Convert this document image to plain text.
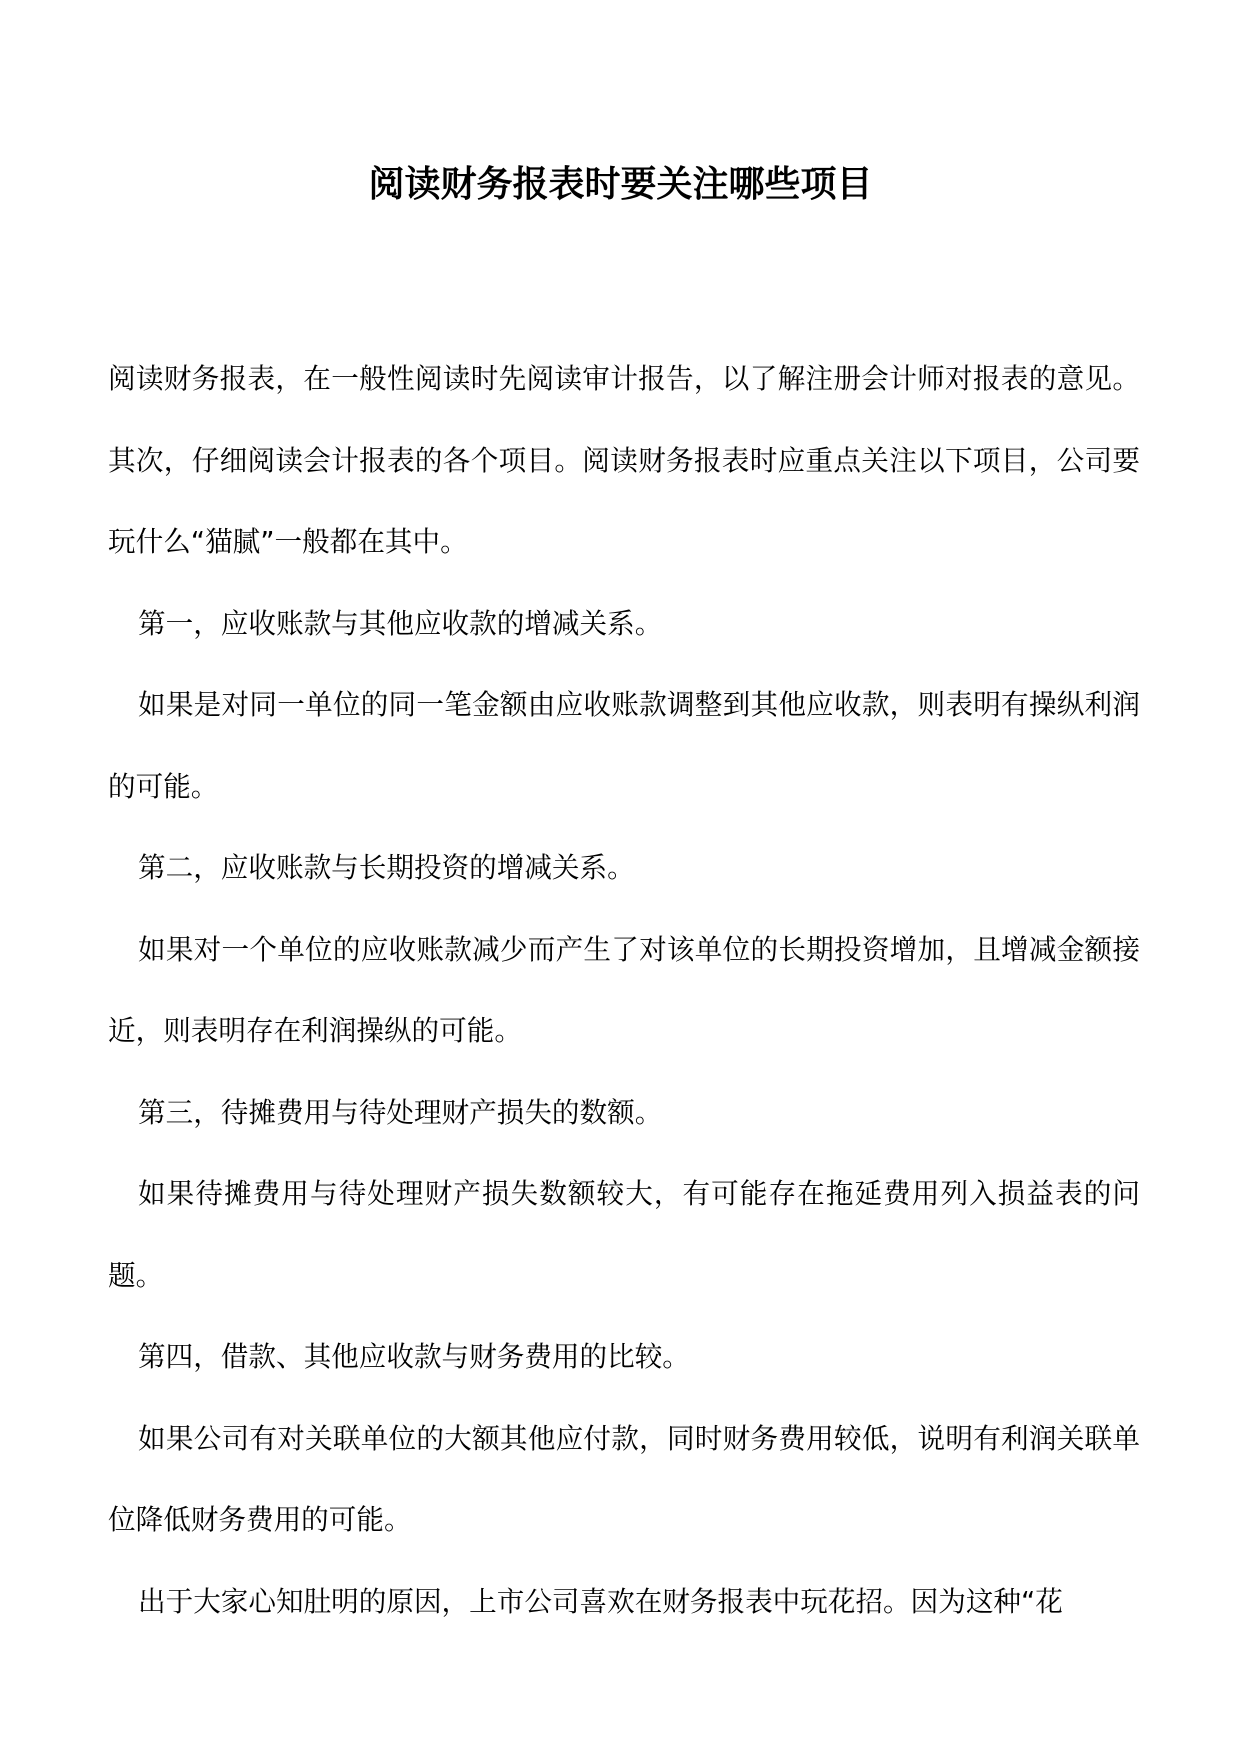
阅读财务报表时要关注哪些项目

阅读财务报表，在一般性阅读时先阅读审计报告，以了解注册会计师对报表的意见。其次，仔细阅读会计报表的各个项目。阅读财务报表时应重点关注以下项目，公司要玩什么“猫腻”一般都在其中。

第一，应收账款与其他应收款的增减关系。

如果是对同一单位的同一笔金额由应收账款调整到其他应收款，则表明有操纵利润的可能。

第二，应收账款与长期投资的增减关系。

如果对一个单位的应收账款减少而产生了对该单位的长期投资增加，且增减金额接近，则表明存在利润操纵的可能。

第三，待摊费用与待处理财产损失的数额。

如果待摊费用与待处理财产损失数额较大，有可能存在拖延费用列入损益表的问题。

第四，借款、其他应收款与财务费用的比较。

如果公司有对关联单位的大额其他应付款，同时财务费用较低，说明有利润关联单位降低财务费用的可能。

出于大家心知肚明的原因，上市公司喜欢在财务报表中玩花招。因为这种“花
